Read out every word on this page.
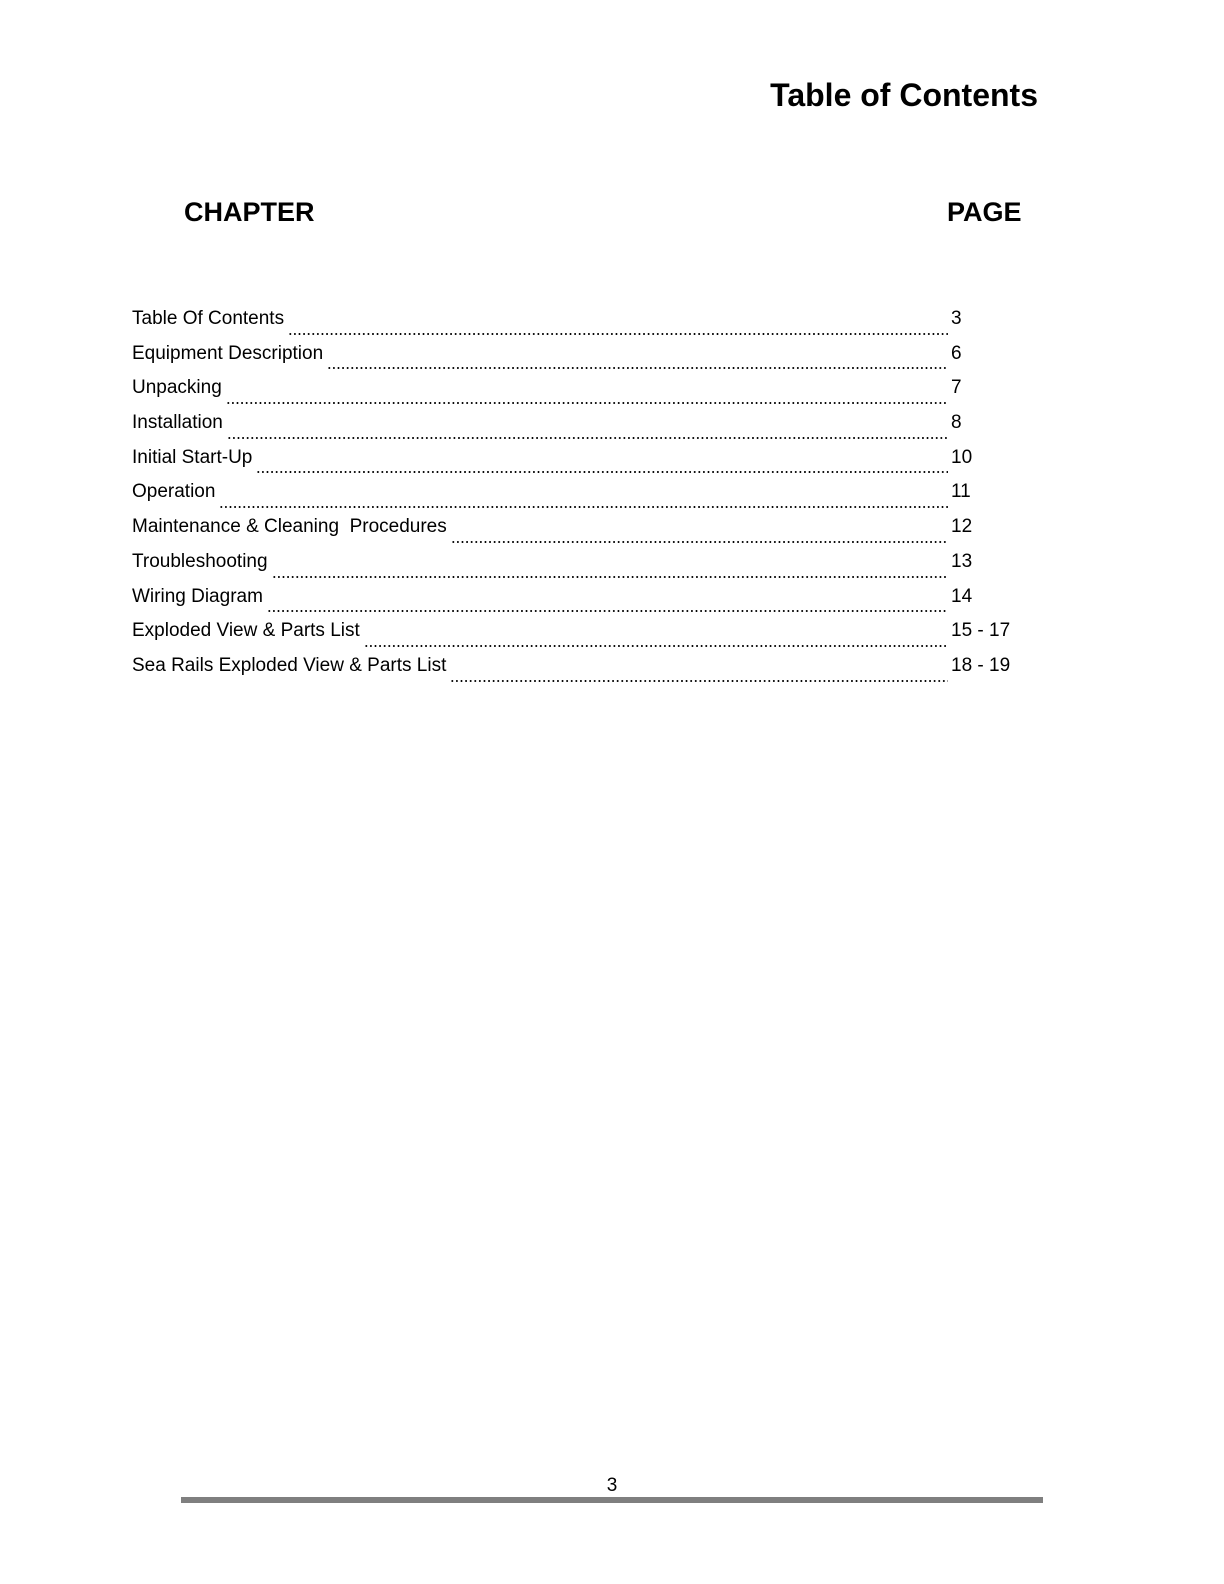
Table of Contents
CHAPTER	PAGE
Table Of Contents	3
Equipment Description	6
Unpacking	7
Installation	8
Initial Start-Up	10
Operation	11
Maintenance & Cleaning  Procedures	12
Troubleshooting	13
Wiring Diagram	14
Exploded View & Parts List	15 - 17
Sea Rails Exploded View & Parts List	18 - 19
3
